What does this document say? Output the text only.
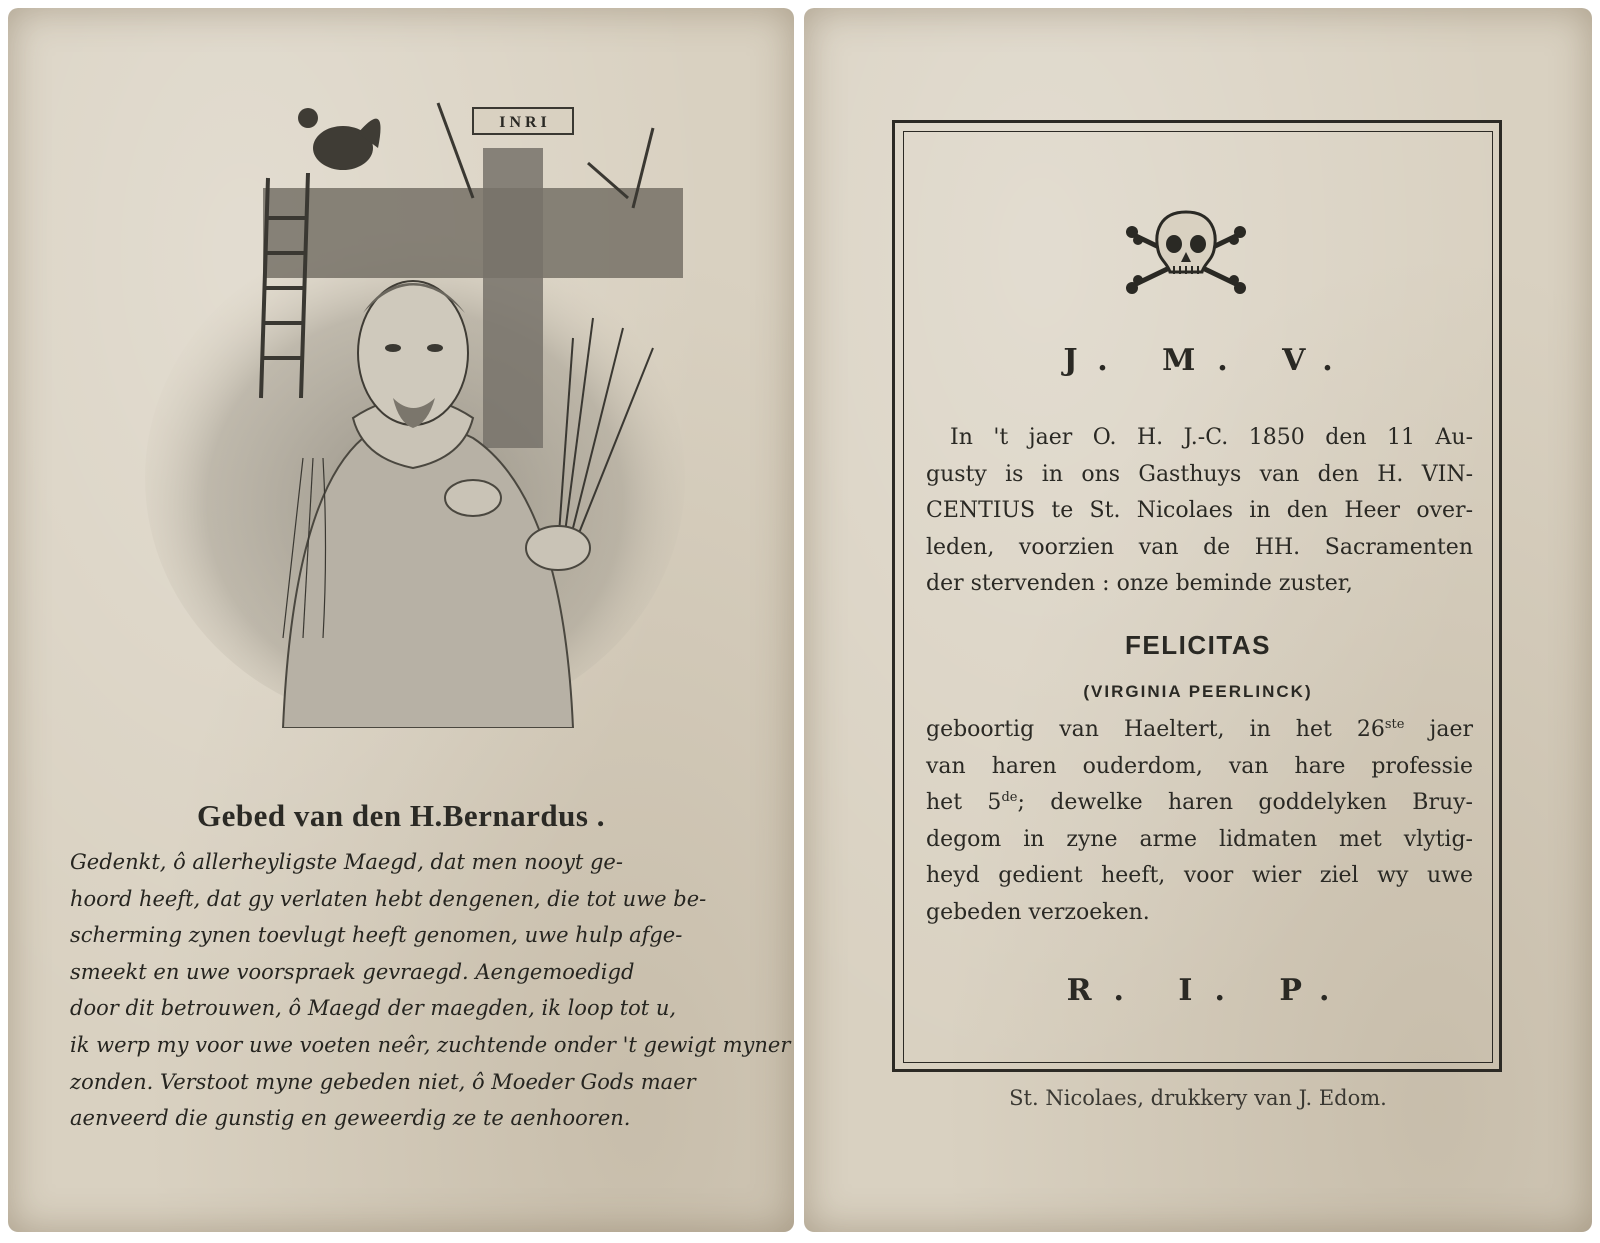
I N R I
Gebed van den H.Bernardus .
Gedenkt, ô allerheyligste Maegd, dat men nooyt ge-
hoord heeft, dat gy verlaten hebt dengenen, die tot uwe be-
scherming zynen toevlugt heeft genomen, uwe hulp afge-
smeekt en uwe voorspraek gevraegd. Aengemoedigd
door dit betrouwen, ô Maegd der maegden, ik loop tot u,
ik werp my voor uwe voeten neêr, zuchtende onder 't gewigt myner
zonden. Verstoot myne gebeden niet, ô Moeder Gods maer
aenveerd die gunstig en geweerdig ze te aenhooren.
J. M. V.
In 't jaer O. H. J.-C. 1850 den 11 Au-
gusty is in ons Gasthuys van den H. VIN-
CENTIUS te St. Nicolaes in den Heer over-
leden, voorzien van de HH. Sacramenten
der stervenden : onze beminde zuster,
FELICITAS
(VIRGINIA PEERLINCK)
geboortig van Haeltert, in het 26ste jaer
van haren ouderdom, van hare professie
het 5de; dewelke haren goddelyken Bruy-
degom in zyne arme lidmaten met vlytig-
heyd gedient heeft, voor wier ziel wy uwe
gebeden verzoeken.
R. I. P.
St. Nicolaes, drukkery van J. Edom.
